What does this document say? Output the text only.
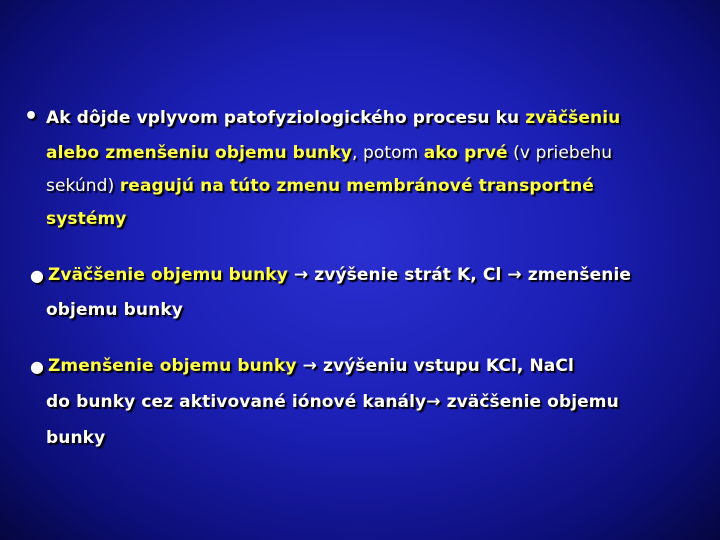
• Ak dôjde vplyvom patofyziologického procesu ku zväčšeniu
alebo zmenšeniu objemu bunky, potom ako prvé (v priebehu
sekúnd) reagujú na túto zmenu membránové transportné
systémy
● Zväčšenie objemu bunky → zvýšenie strát K, Cl → zmenšenie
objemu bunky
● Zmenšenie objemu bunky → zvýšeniu vstupu KCl, NaCl
do bunky cez aktivované iónové kanály→ zväčšenie objemu
bunky
